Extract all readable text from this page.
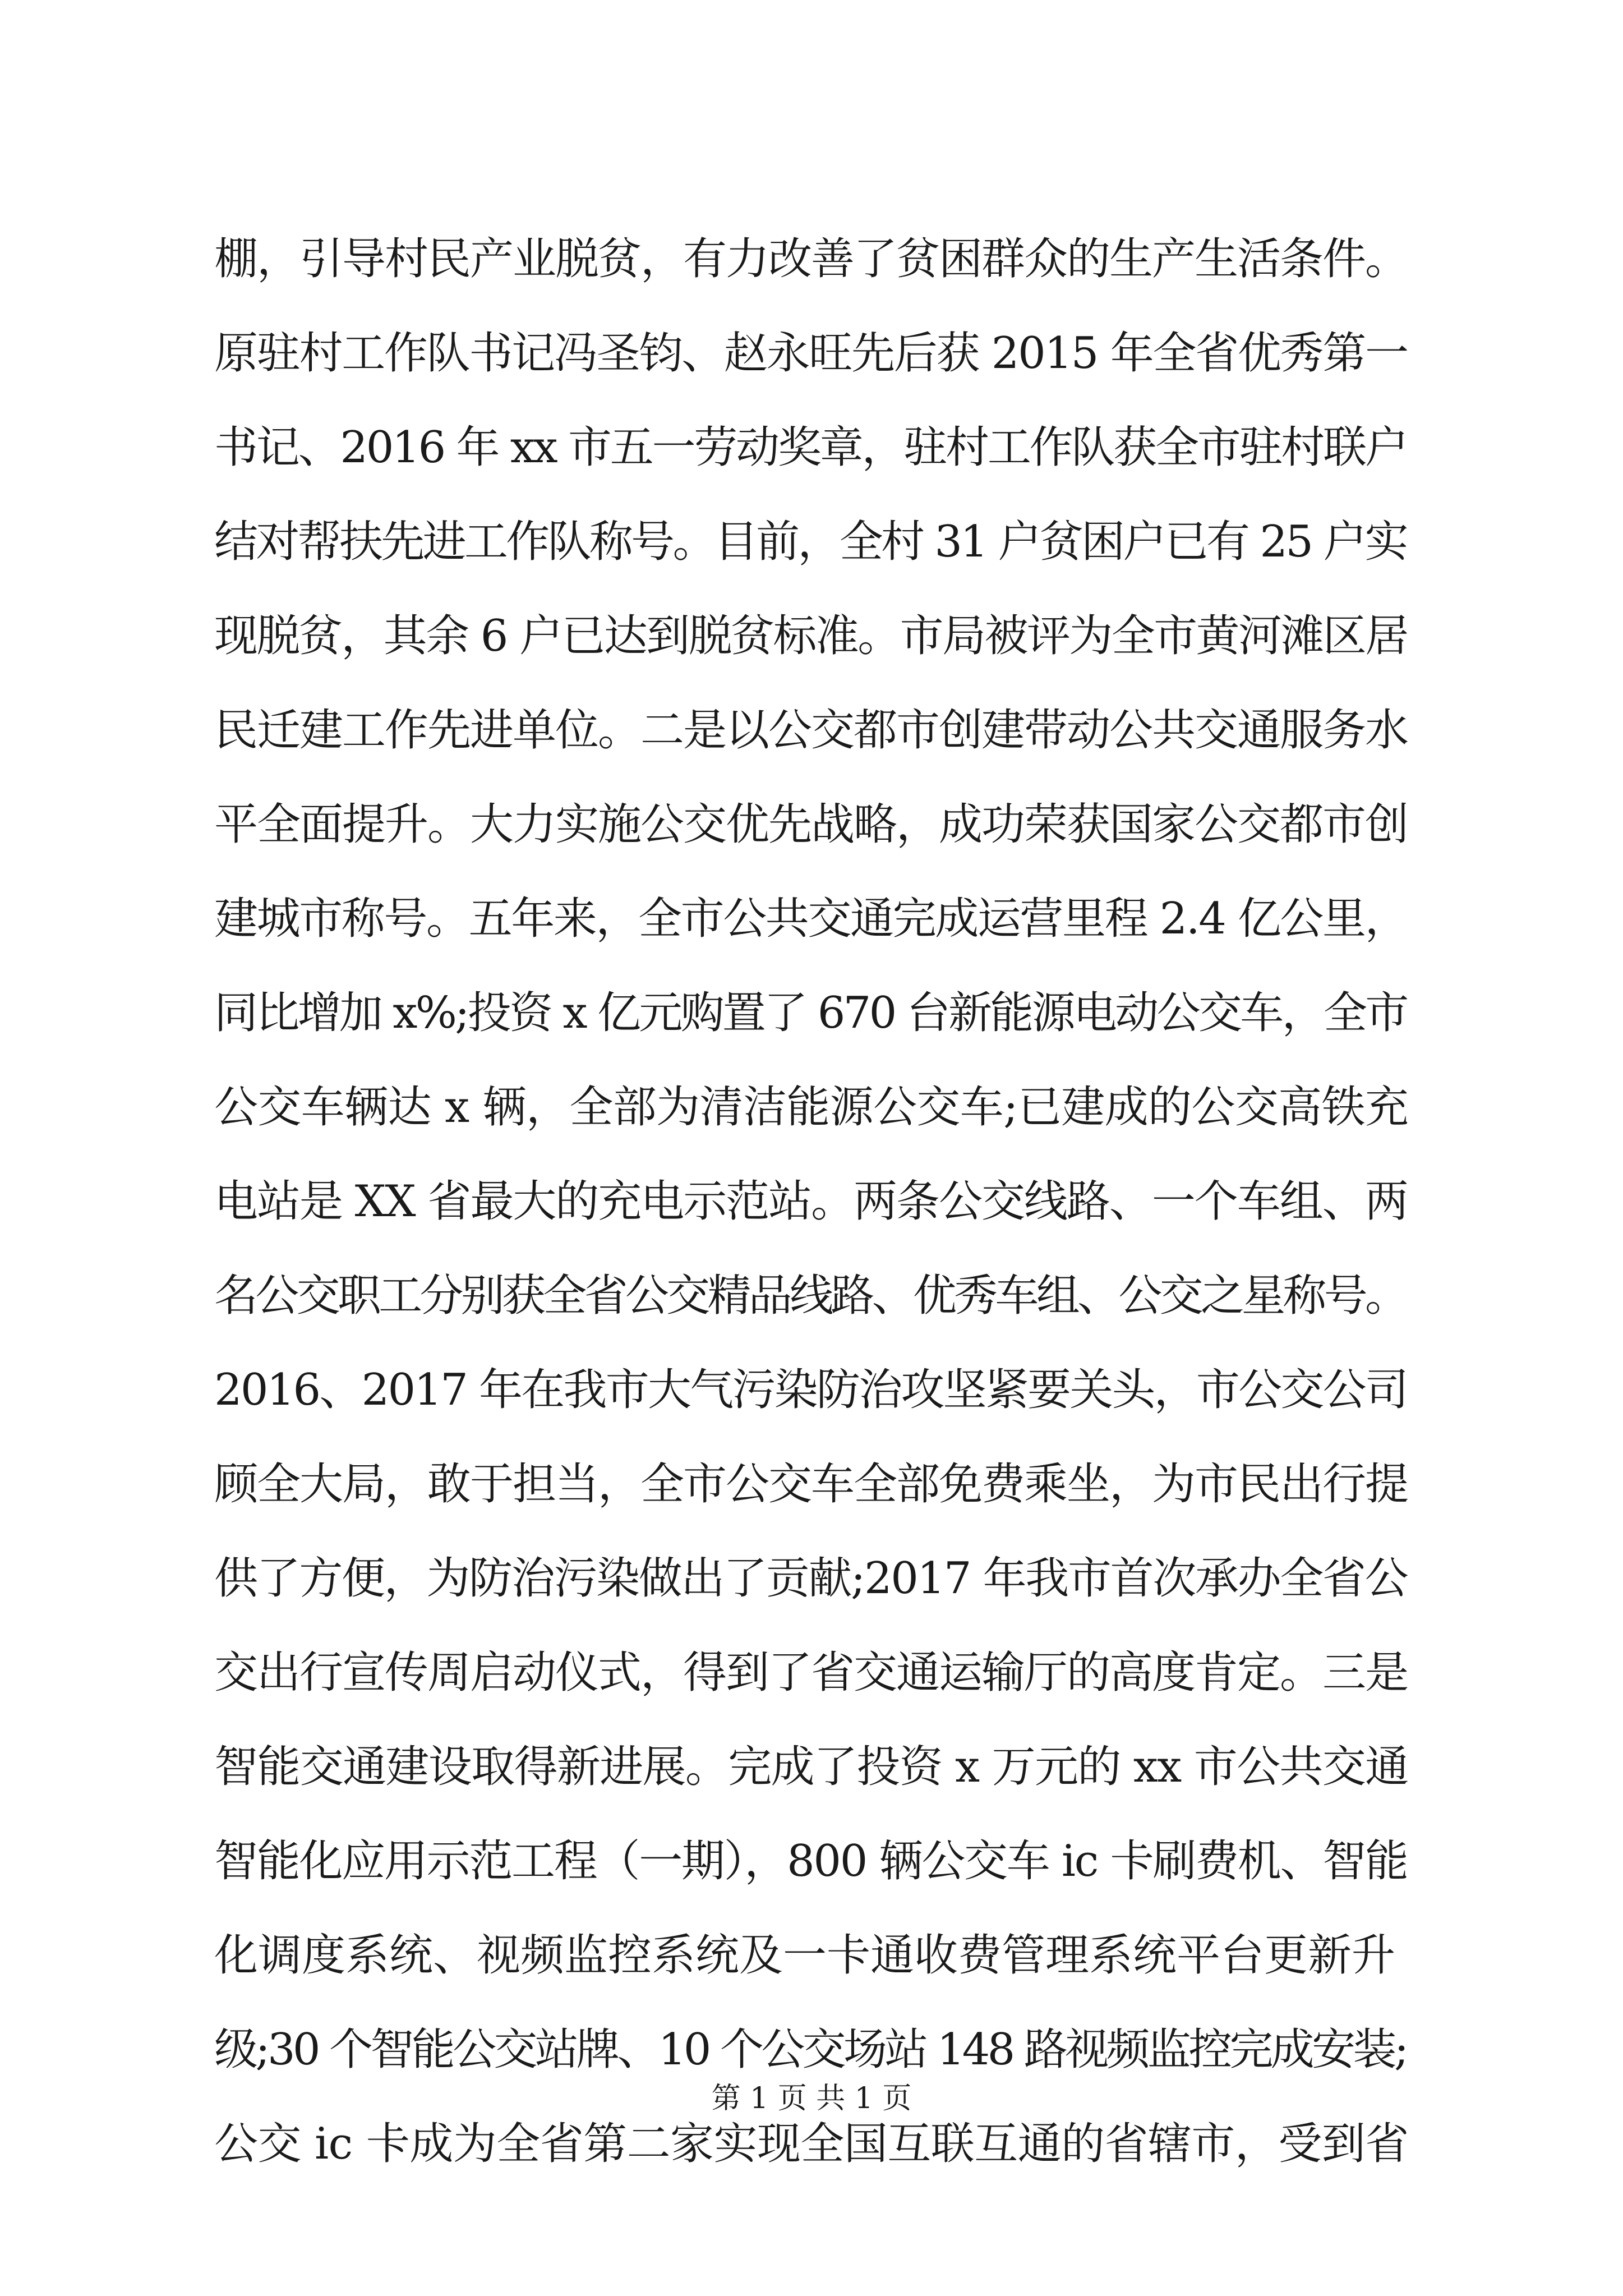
棚，引导村民产业脱贫，有力改善了贫困群众的生产生活条件。
原驻村工作队书记冯圣钧、赵永旺先后获 2015 年全省优秀第一
书记、2016 年 xx 市五一劳动奖章，驻村工作队获全市驻村联户
结对帮扶先进工作队称号。目前，全村 31 户贫困户已有 25 户实
现脱贫，其余 6 户已达到脱贫标准。市局被评为全市黄河滩区居
民迁建工作先进单位。二是以公交都市创建带动公共交通服务水
平全面提升。大力实施公交优先战略，成功荣获国家公交都市创
建城市称号。五年来，全市公共交通完成运营里程 2.4 亿公里，
同比增加 x%;投资 x 亿元购置了 670 台新能源电动公交车，全市
公交车辆达 x 辆，全部为清洁能源公交车;已建成的公交高铁充
电站是 XX 省最大的充电示范站。两条公交线路、一个车组、两
名公交职工分别获全省公交精品线路、优秀车组、公交之星称号。
2016、2017 年在我市大气污染防治攻坚紧要关头，市公交公司
顾全大局，敢于担当，全市公交车全部免费乘坐，为市民出行提
供了方便，为防治污染做出了贡献;2017 年我市首次承办全省公
交出行宣传周启动仪式，得到了省交通运输厅的高度肯定。三是
智能交通建设取得新进展。完成了投资 x 万元的 xx 市公共交通
智能化应用示范工程（一期），800 辆公交车 ic 卡刷费机、智能
化调度系统、视频监控系统及一卡通收费管理系统平台更新升
级;30 个智能公交站牌、10 个公交场站 148 路视频监控完成安装;
公交 ic 卡成为全省第二家实现全国互联互通的省辖市，受到省
第 1 页 共 1 页
